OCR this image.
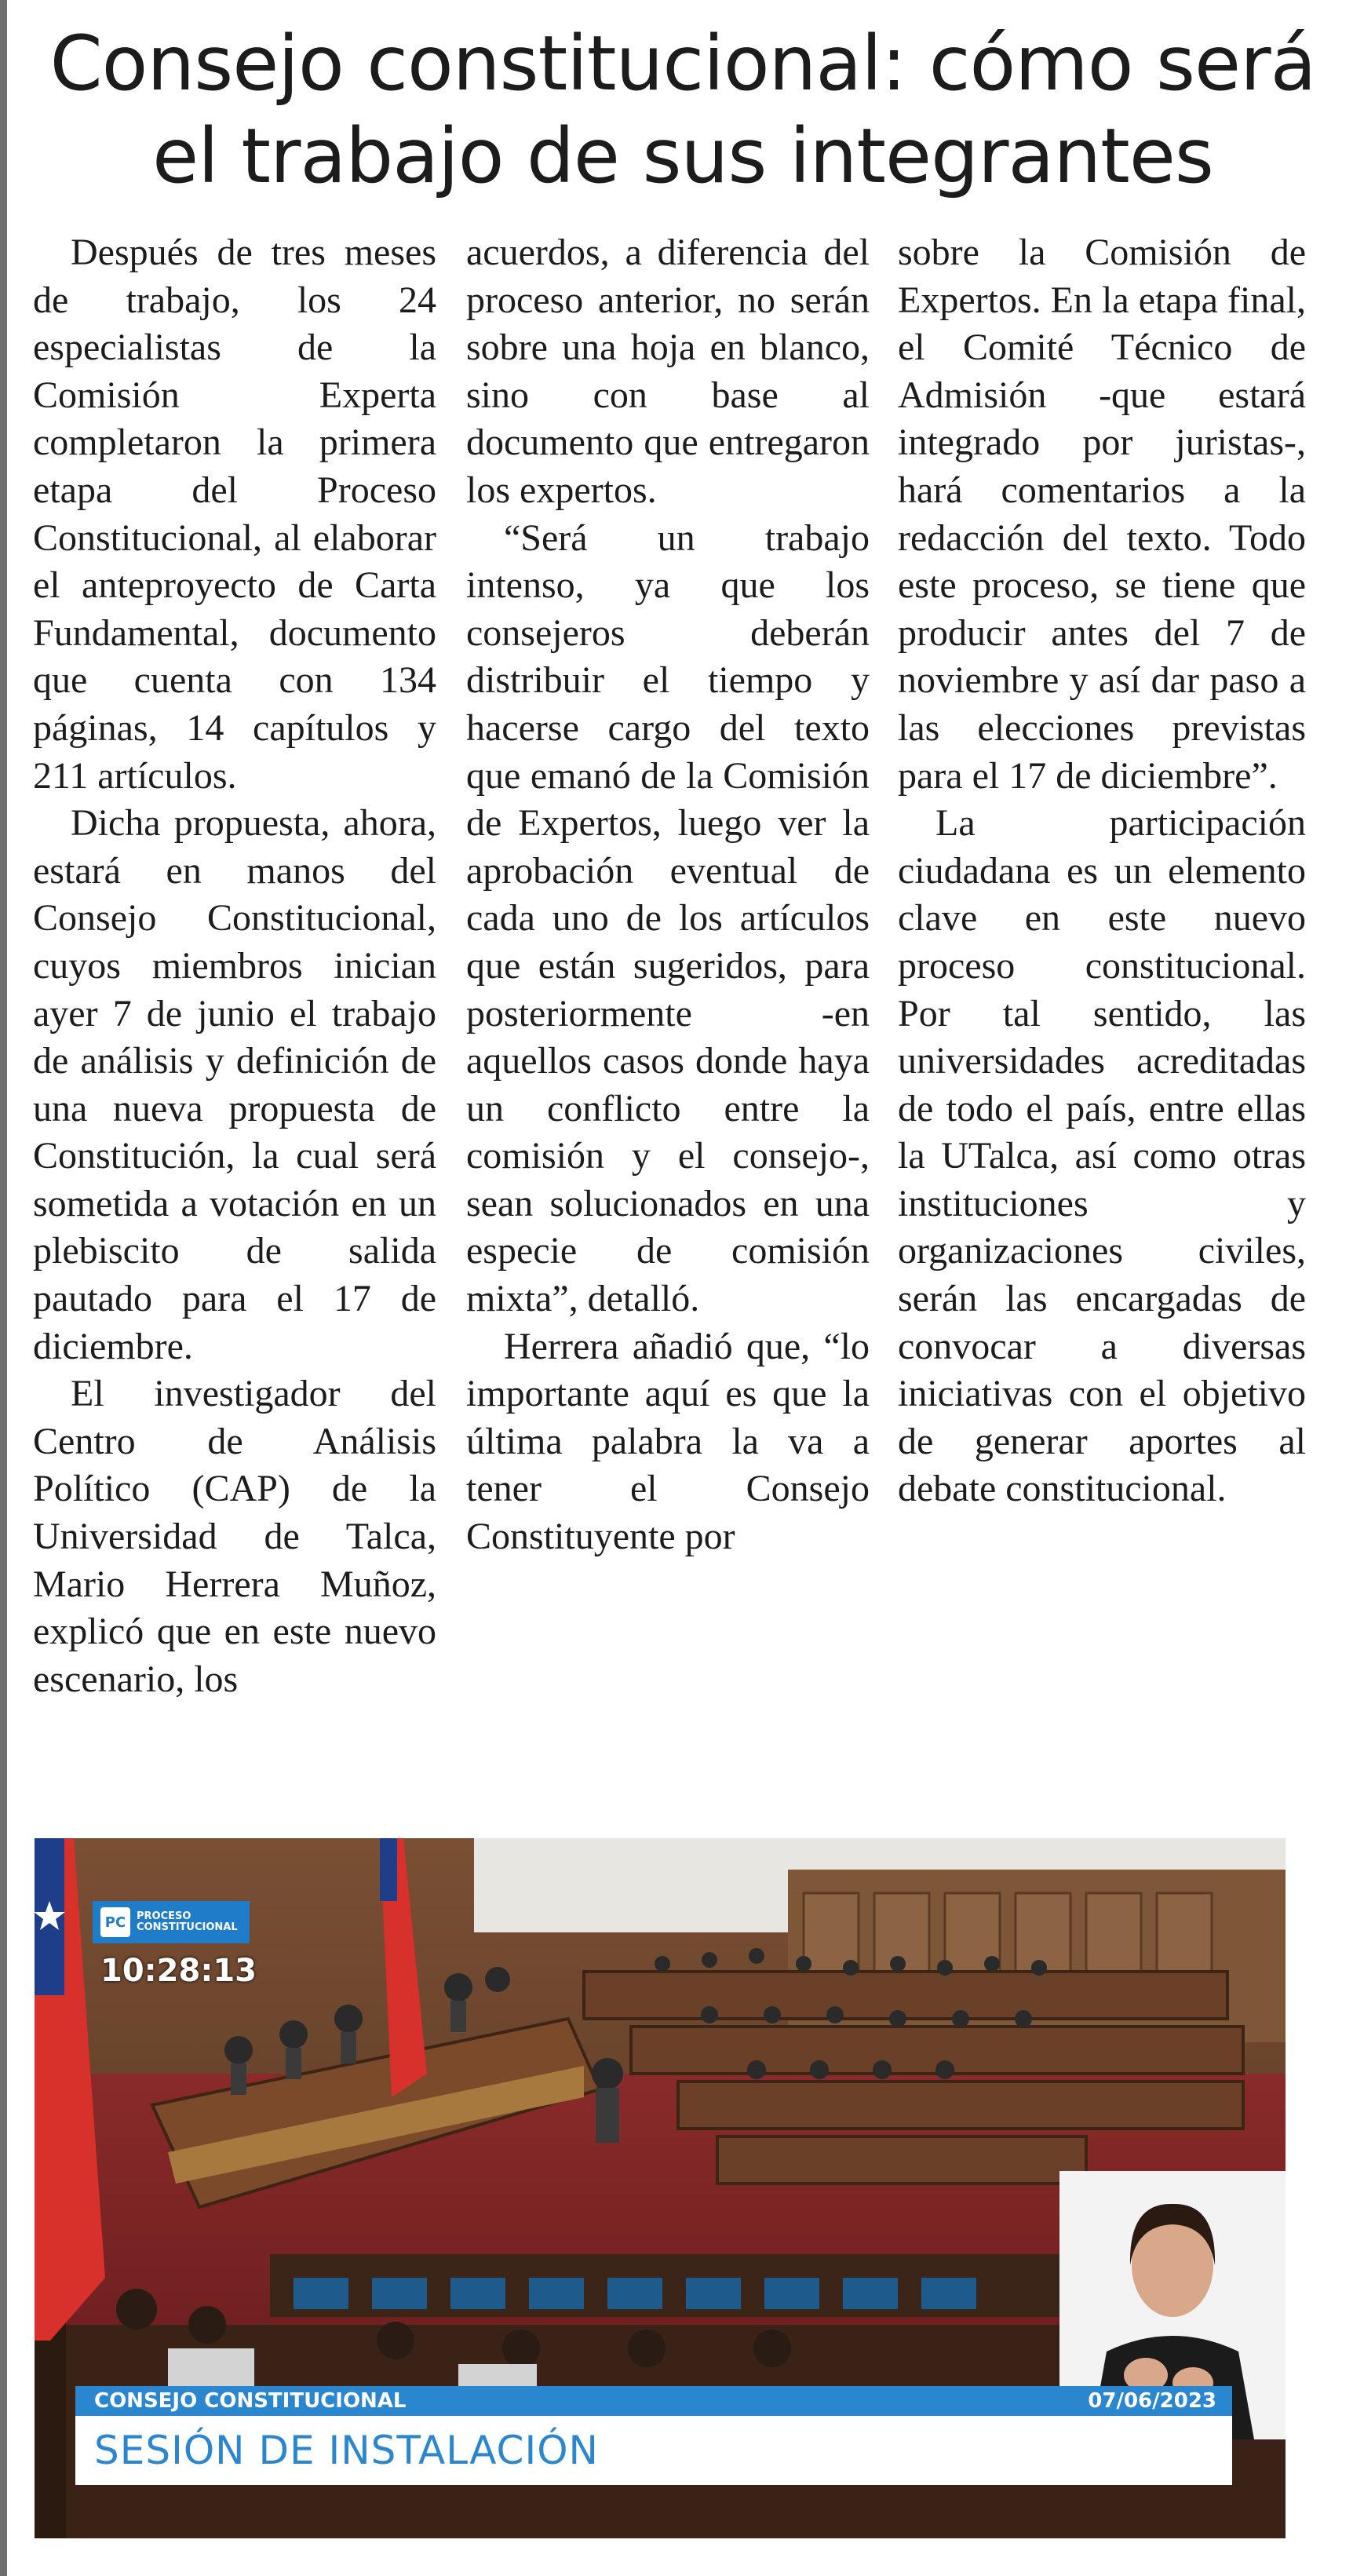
Consejo constitucional: cómo será
el trabajo de sus integrantes

Después de tres meses de trabajo, los 24 especialistas de la Comisión Experta completaron la primera etapa del Proceso Constitucional, al elaborar el anteproyecto de Carta Fundamental, documento que cuenta con 134 páginas, 14 capítulos y 211 artículos.

Dicha propuesta, ahora, estará en manos del Consejo Constitucional, cuyos miembros inician ayer 7 de junio el trabajo de análisis y definición de una nueva propuesta de Constitución, la cual será sometida a votación en un plebiscito de salida pautado para el 17 de diciembre.

El investigador del Centro de Análisis Político (CAP) de la Universidad de Talca, Mario Herrera Muñoz, explicó que en este nuevo escenario, los

acuerdos, a diferencia del proceso anterior, no serán sobre una hoja en blanco, sino con base al documento que entregaron los expertos.

“Será un trabajo intenso, ya que los consejeros deberán distribuir el tiempo y hacerse cargo del texto que emanó de la Comisión de Expertos, luego ver la aprobación eventual de cada uno de los artículos que están sugeridos, para posteriormente -en aquellos casos donde haya un conflicto entre la comisión y el consejo-, sean solucionados en una especie de comisión mixta”, detalló.

Herrera añadió que, “lo importante aquí es que la última palabra la va a tener el Consejo Constituyente por

sobre la Comisión de Expertos. En la etapa final, el Comité Técnico de Admisión -que estará integrado por juristas-, hará comentarios a la redacción del texto. Todo este proceso, se tiene que producir antes del 7 de noviembre y así dar paso a las elecciones previstas para el 17 de diciembre”.

La participación ciudadana es un elemento clave en este nuevo proceso constitucional. Por tal sentido, las universidades acreditadas de todo el país, entre ellas la UTalca, así como otras instituciones y organizaciones civiles, serán las encargadas de convocar a diversas iniciativas con el objetivo de generar aportes al debate constitucional.

PC	PROCESO
CONSTITUCIONAL
10:28:13
CONSEJO CONSTITUCIONAL	07/06/2023
SESIÓN DE INSTALACIÓN
